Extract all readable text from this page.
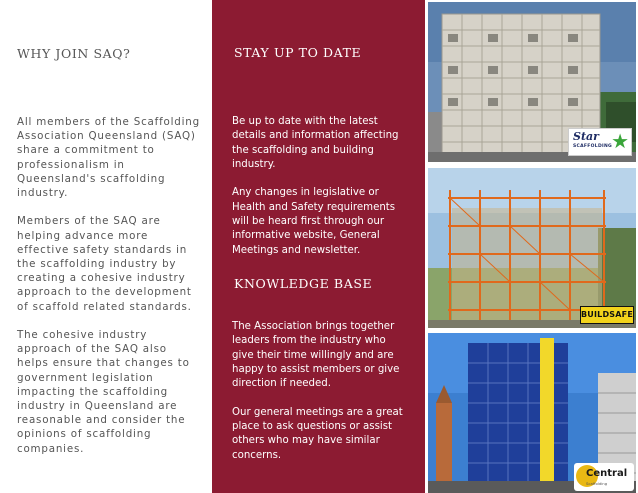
WHY JOIN SAQ?

All members of the Scaffolding Association Queensland (SAQ) share a commitment to professionalism in Queensland's scaffolding industry.

Members of the SAQ are helping advance more effective safety standards in the scaffolding industry by creating a cohesive industry approach to the development of scaffold related standards.

The cohesive industry approach of the SAQ also helps ensure that changes to government legislation impacting the scaffolding industry in Queensland are reasonable and consider the opinions of scaffolding companies.

STAY UP TO DATE

Be up to date with the latest details and information affecting the scaffolding and building industry.

Any changes in legislative or Health and Safety requirements will be heard first through our informative website, General Meetings and newsletter.

KNOWLEDGE BASE

The Association brings together leaders from the industry who give their time willingly and are happy to assist members or give direction if needed.

Our general meetings are a great place to ask questions or assist others who may have similar concerns.

Star
SCAFFOLDING ★
BUILDSAFE
Central
Scaffolding
